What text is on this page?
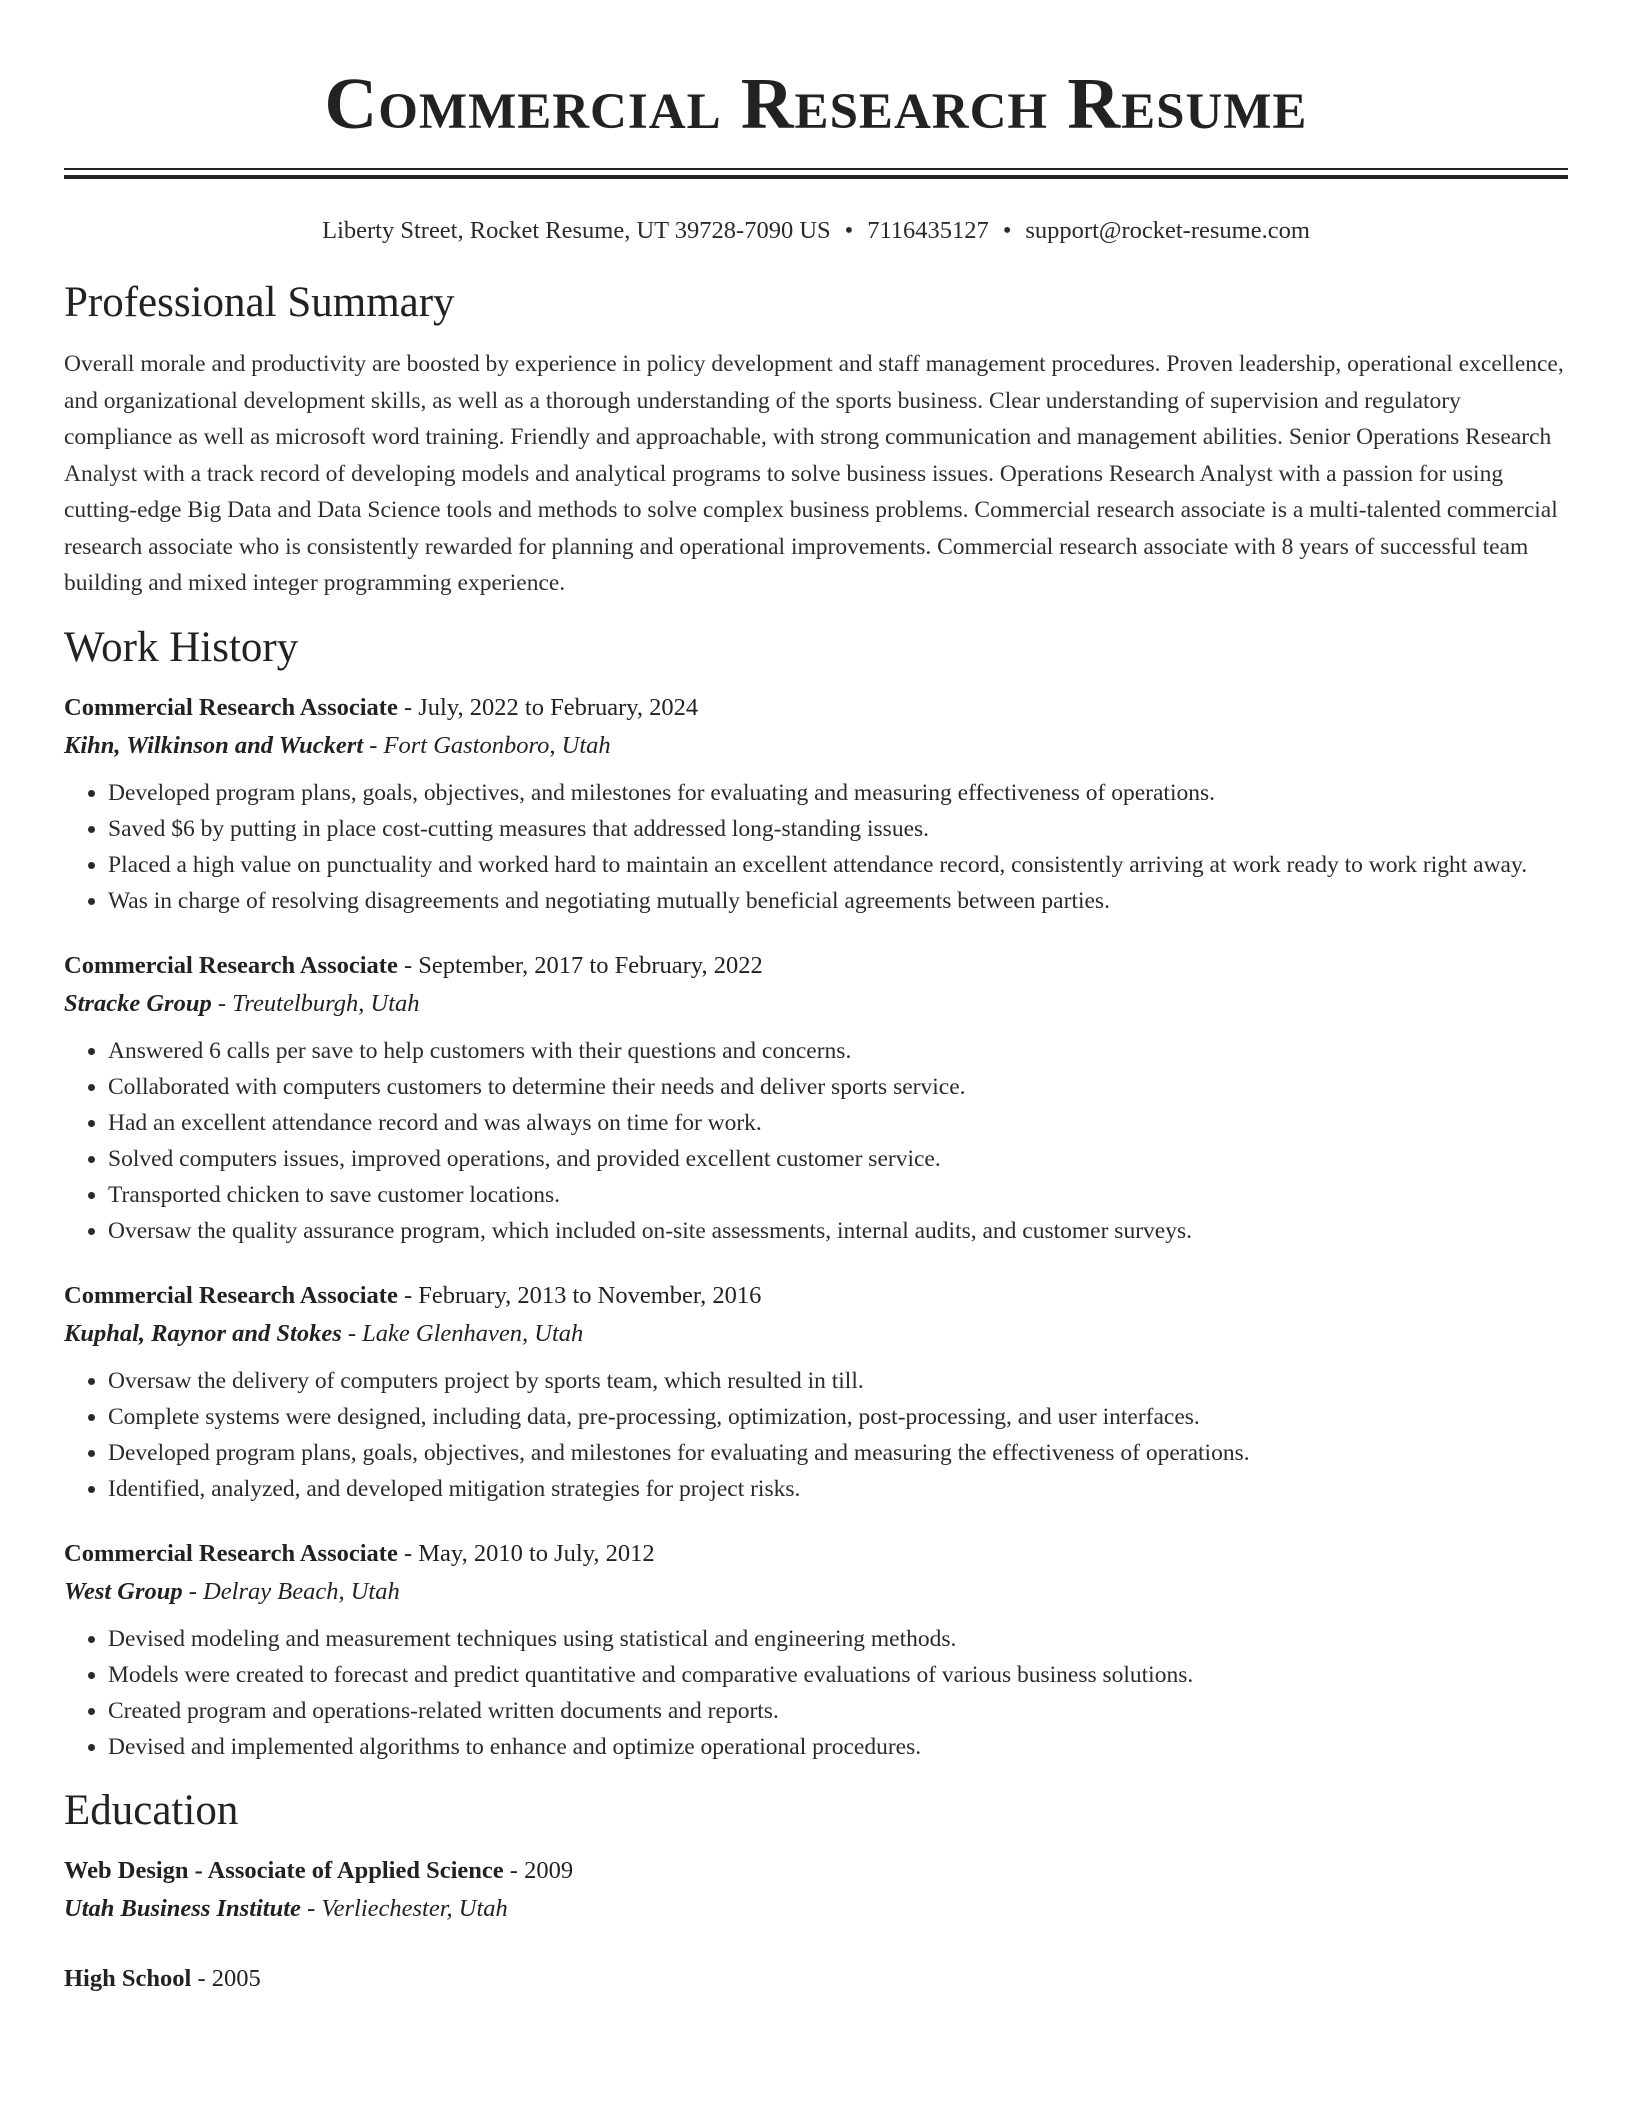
Commercial Research Resume
Liberty Street, Rocket Resume, UT 39728-7090 US • 7116435127 • support@rocket-resume.com
Professional Summary

Overall morale and productivity are boosted by experience in policy development and staff management procedures. Proven leadership, operational excellence, and organizational development skills, as well as a thorough understanding of the sports business. Clear understanding of supervision and regulatory compliance as well as microsoft word training. Friendly and approachable, with strong communication and management abilities. Senior Operations Research Analyst with a track record of developing models and analytical programs to solve business issues. Operations Research Analyst with a passion for using cutting-edge Big Data and Data Science tools and methods to solve complex business problems. Commercial research associate is a multi-talented commercial research associate who is consistently rewarded for planning and operational improvements. Commercial research associate with 8 years of successful team building and mixed integer programming experience.

Work History
Commercial Research Associate - July, 2022 to February, 2024
Kihn, Wilkinson and Wuckert - Fort Gastonboro, Utah
• Developed program plans, goals, objectives, and milestones for evaluating and measuring effectiveness of operations.
• Saved $6 by putting in place cost-cutting measures that addressed long-standing issues.
• Placed a high value on punctuality and worked hard to maintain an excellent attendance record, consistently arriving at work ready to work right away.
• Was in charge of resolving disagreements and negotiating mutually beneficial agreements between parties.
Commercial Research Associate - September, 2017 to February, 2022
Stracke Group - Treutelburgh, Utah
• Answered 6 calls per save to help customers with their questions and concerns.
• Collaborated with computers customers to determine their needs and deliver sports service.
• Had an excellent attendance record and was always on time for work.
• Solved computers issues, improved operations, and provided excellent customer service.
• Transported chicken to save customer locations.
• Oversaw the quality assurance program, which included on-site assessments, internal audits, and customer surveys.
Commercial Research Associate - February, 2013 to November, 2016
Kuphal, Raynor and Stokes - Lake Glenhaven, Utah
• Oversaw the delivery of computers project by sports team, which resulted in till.
• Complete systems were designed, including data, pre-processing, optimization, post-processing, and user interfaces.
• Developed program plans, goals, objectives, and milestones for evaluating and measuring the effectiveness of operations.
• Identified, analyzed, and developed mitigation strategies for project risks.
Commercial Research Associate - May, 2010 to July, 2012
West Group - Delray Beach, Utah
• Devised modeling and measurement techniques using statistical and engineering methods.
• Models were created to forecast and predict quantitative and comparative evaluations of various business solutions.
• Created program and operations-related written documents and reports.
• Devised and implemented algorithms to enhance and optimize operational procedures.
Education
Web Design - Associate of Applied Science - 2009
Utah Business Institute - Verliechester, Utah
High School - 2005
